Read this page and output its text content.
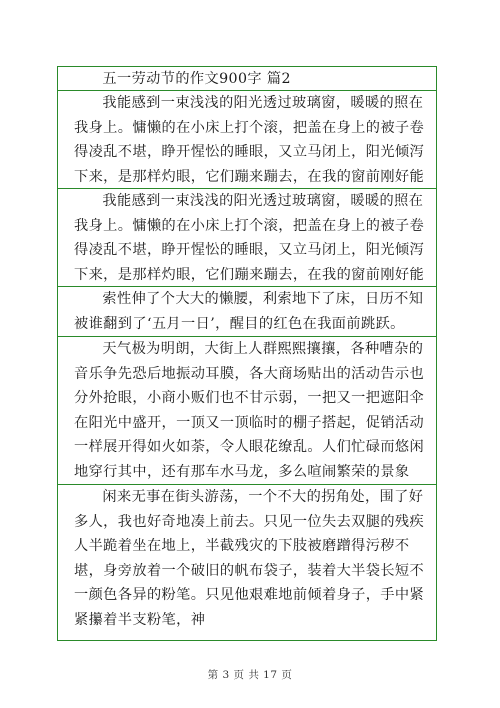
五一劳动节的作文900字 篇2
我能感到一束浅浅的阳光透过玻璃窗，暖暖的照在我身上。慵懒的在小床上打个滚，把盖在身上的被子卷得凌乱不堪，睁开惺忪的睡眼，又立马闭上，阳光倾泻下来，是那样灼眼，它们蹦来蹦去，在我的窗前刚好能
我能感到一束浅浅的阳光透过玻璃窗，暖暖的照在我身上。慵懒的在小床上打个滚，把盖在身上的被子卷得凌乱不堪，睁开惺忪的睡眼，又立马闭上，阳光倾泻下来，是那样灼眼，它们蹦来蹦去，在我的窗前刚好能
索性伸了个大大的懒腰，利索地下了床，日历不知被谁翻到了‘五月一日’，醒目的红色在我面前跳跃。
天气极为明朗，大街上人群熙熙攘攘，各种嘈杂的音乐争先恐后地振动耳膜，各大商场贴出的活动告示也分外抢眼，小商小贩们也不甘示弱，一把又一把遮阳伞在阳光中盛开，一顶又一顶临时的棚子搭起，促销活动一样展开得如火如荼，令人眼花缭乱。人们忙碌而悠闲地穿行其中，还有那车水马龙，多么喧闹繁荣的景象
闲来无事在街头游荡，一个不大的拐角处，围了好多人，我也好奇地凑上前去。只见一位失去双腿的残疾人半跪着坐在地上，半截残灾的下肢被磨蹭得污秽不堪，身旁放着一个破旧的帆布袋子，装着大半袋长短不一颜色各异的粉笔。只见他艰难地前倾着身子，手中紧紧攥着半支粉笔，神
第 3 页 共 17 页
